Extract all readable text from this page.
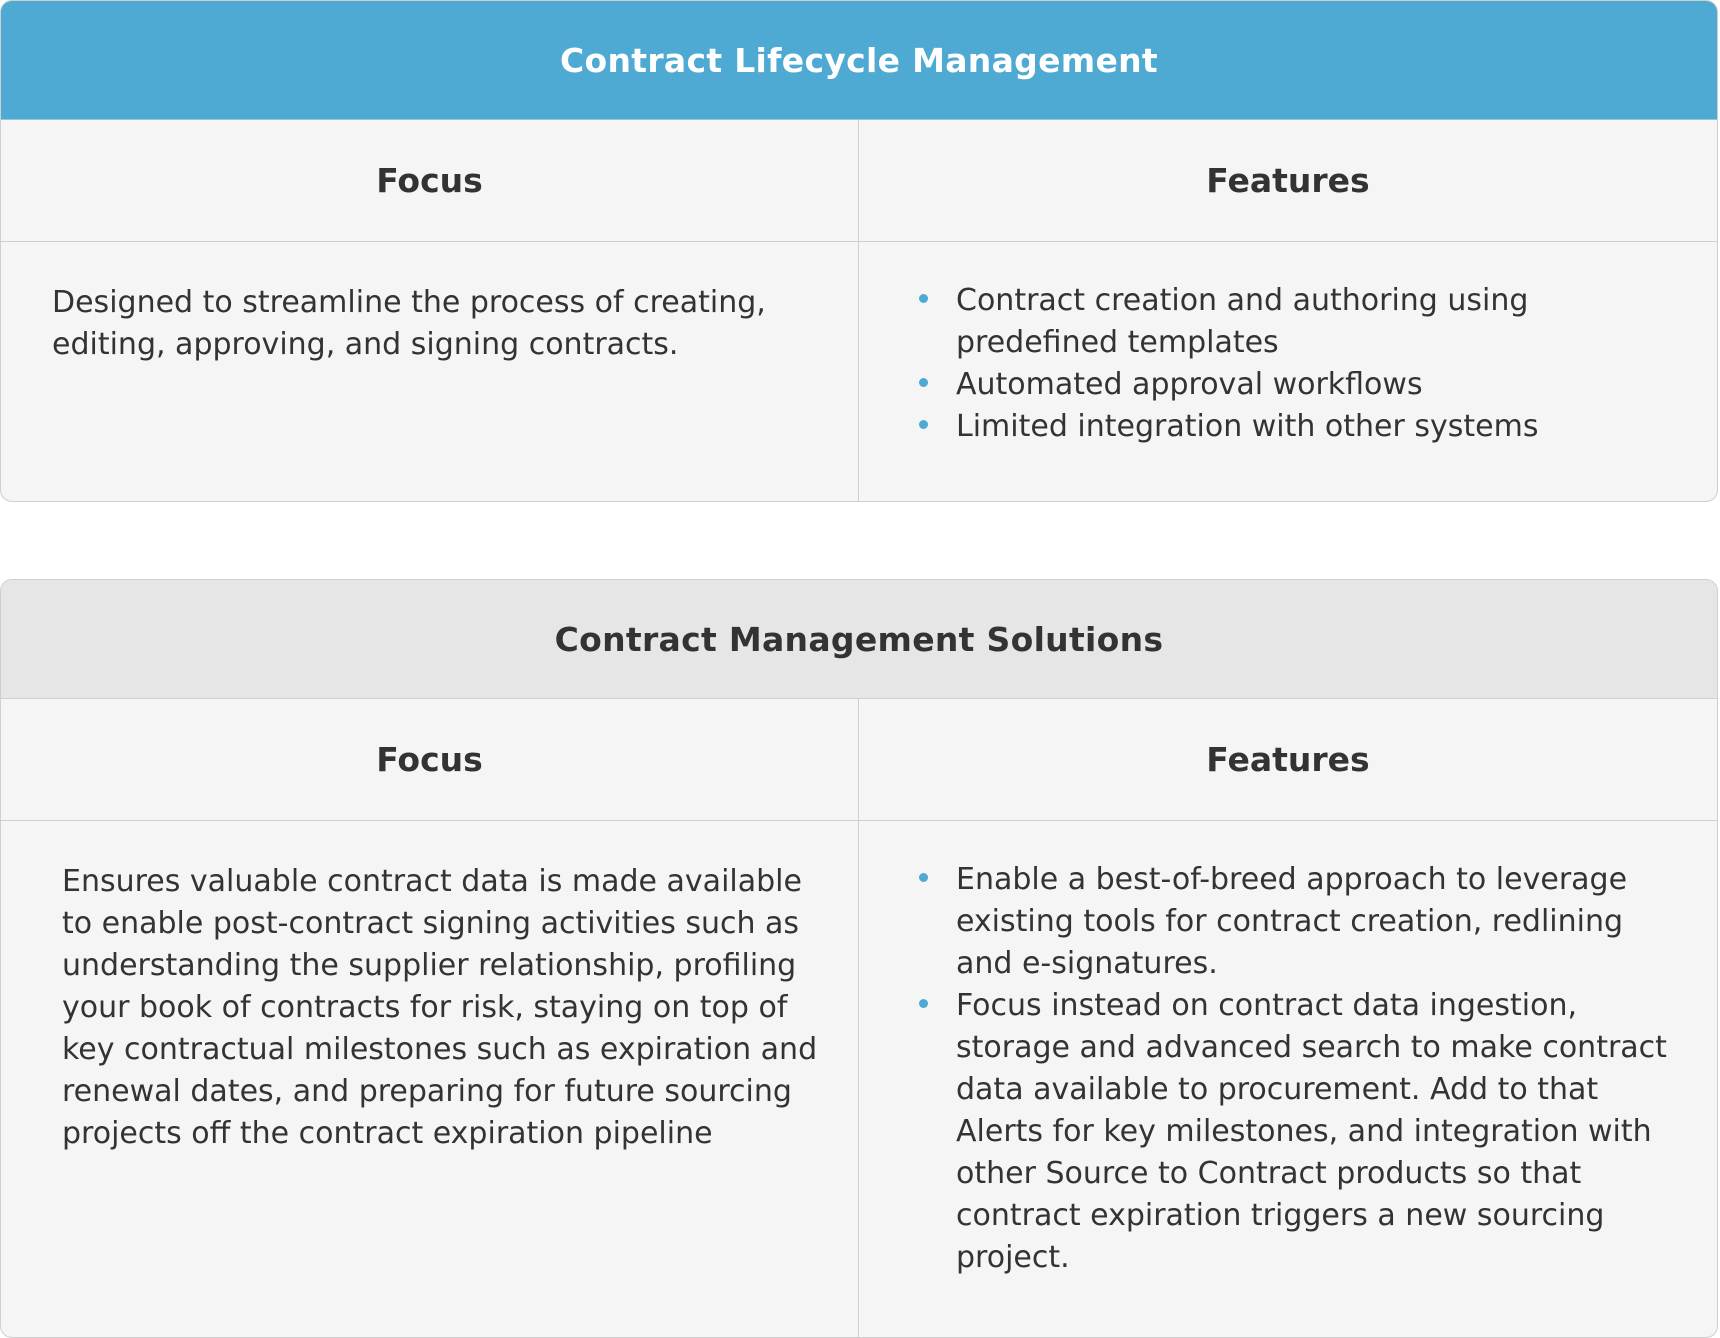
Contract Lifecycle Management
Focus

Designed to streamline the process of creating, editing, approving, and signing contracts.

Features
Contract creation and authoring using predefined templates
Automated approval workflows
Limited integration with other systems
Contract Management Solutions
Focus

Ensures valuable contract data is made available to enable post-contract signing activities such as understanding the supplier relationship, profiling your book of contracts for risk, staying on top of key contractual milestones such as expiration and renewal dates, and preparing for future sourcing projects off the contract expiration pipeline

Features
Enable a best-of-breed approach to leverage existing tools for contract creation, redlining and e-signatures.
Focus instead on contract data ingestion, storage and advanced search to make contract data available to procurement. Add to that Alerts for key milestones, and integration with other Source to Contract products so that contract expiration triggers a new sourcing project.
